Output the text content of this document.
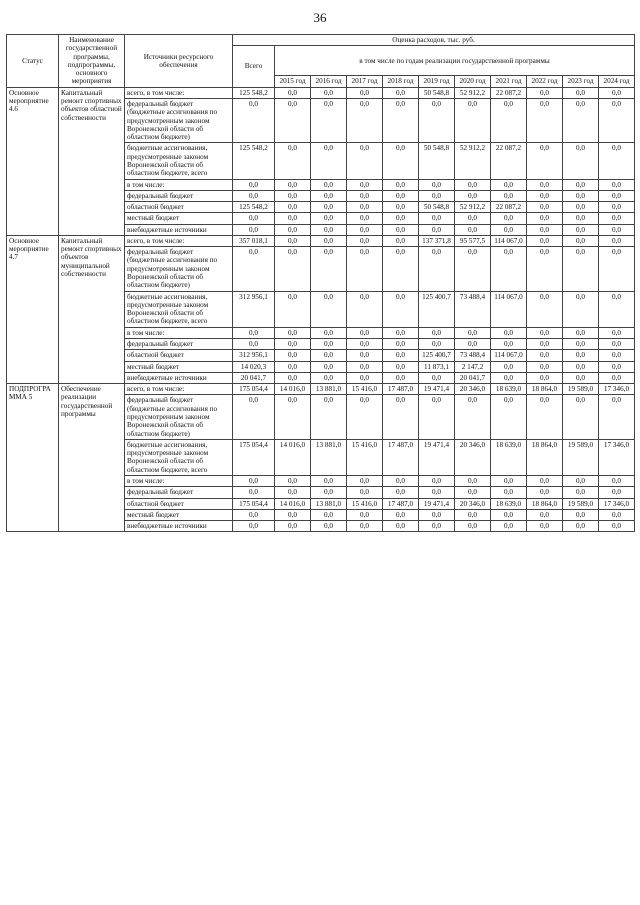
36
Статус	Наименование государственной программы, подпрограммы, основного мероприятия	Источники ресурсного обеспечения	Оценка расходов, тыс. руб.										
			Всего	в том числе по годам реализации государственной программы									
				2015 год	2016 год	2017 год	2018 год	2019 год	2020 год	2021 год	2022 год	2023 год	2024 год
Основное мероприятие 4.6	Капитальный ремонт спортивных объектов областной собственности	всего, в том числе:	125 548,2	0,0	0,0	0,0	0,0	50 548,8	52 912,2	22 087,2	0,0	0,0	0,0
		федеральный бюджет (бюджетные ассигнования по предусмотренным законом Воронежской области об областном бюджете)	0,0	0,0	0,0	0,0	0,0	0,0	0,0	0,0	0,0	0,0	0,0
		бюджетные ассигнования, предусмотренные законом Воронежской области об областном бюджете, всего	125 548,2	0,0	0,0	0,0	0,0	50 548,8	52 912,2	22 087,2	0,0	0,0	0,0
		в том числе:	0,0	0,0	0,0	0,0	0,0	0,0	0,0	0,0	0,0	0,0	0,0
		федеральный бюджет	0,0	0,0	0,0	0,0	0,0	0,0	0,0	0,0	0,0	0,0	0,0
		областной бюджет	125 548,2	0,0	0,0	0,0	0,0	50 548,8	52 912,2	22 087,2	0,0	0,0	0,0
		местный бюджет	0,0	0,0	0,0	0,0	0,0	0,0	0,0	0,0	0,0	0,0	0,0
		внебюджетные источники	0,0	0,0	0,0	0,0	0,0	0,0	0,0	0,0	0,0	0,0	0,0
Основное мероприятие 4.7	Капитальный ремонт спортивных объектов муниципальной собственности	всего, в том числе:	357 018,1	0,0	0,0	0,0	0,0	137 371,8	95 577,5	114 067,0	0,0	0,0	0,0
		федеральный бюджет (бюджетные ассигнования по предусмотренным законом Воронежской области об областном бюджете)	0,0	0,0	0,0	0,0	0,0	0,0	0,0	0,0	0,0	0,0	0,0
		бюджетные ассигнования, предусмотренные законом Воронежской области об областном бюджете, всего	312 956,1	0,0	0,0	0,0	0,0	125 400,7	73 488,4	114 067,0	0,0	0,0	0,0
		в том числе:	0,0	0,0	0,0	0,0	0,0	0,0	0,0	0,0	0,0	0,0	0,0
		федеральный бюджет	0,0	0,0	0,0	0,0	0,0	0,0	0,0	0,0	0,0	0,0	0,0
		областной бюджет	312 956,1	0,0	0,0	0,0	0,0	125 400,7	73 488,4	114 067,0	0,0	0,0	0,0
		местный бюджет	14 020,3	0,0	0,0	0,0	0,0	11 873,1	2 147,2	0,0	0,0	0,0	0,0
		внебюджетные источники	20 041,7	0,0	0,0	0,0	0,0	0,0	20 041,7	0,0	0,0	0,0	0,0
ПОДПРОГРАММА 5	Обеспечение реализации государственной программы	всего, в том числе:	175 054,4	14 016,0	13 881,0	15 416,0	17 487,0	19 471,4	20 346,0	18 639,0	18 864,0	19 589,0	17 346,0
		федеральный бюджет (бюджетные ассигнования по предусмотренным законом Воронежской области об областном бюджете)	0,0	0,0	0,0	0,0	0,0	0,0	0,0	0,0	0,0	0,0	0,0
		бюджетные ассигнования, предусмотренные законом Воронежской области об областном бюджете, всего	175 054,4	14 016,0	13 881,0	15 416,0	17 487,0	19 471,4	20 346,0	18 639,0	18 864,0	19 589,0	17 346,0
		в том числе:	0,0	0,0	0,0	0,0	0,0	0,0	0,0	0,0	0,0	0,0	0,0
		федеральный бюджет	0,0	0,0	0,0	0,0	0,0	0,0	0,0	0,0	0,0	0,0	0,0
		областной бюджет	175 054,4	14 016,0	13 881,0	15 416,0	17 487,0	19 471,4	20 346,0	18 639,0	18 864,0	19 589,0	17 346,0
		местный бюджет	0,0	0,0	0,0	0,0	0,0	0,0	0,0	0,0	0,0	0,0	0,0
		внебюджетные источники	0,0	0,0	0,0	0,0	0,0	0,0	0,0	0,0	0,0	0,0	0,0
